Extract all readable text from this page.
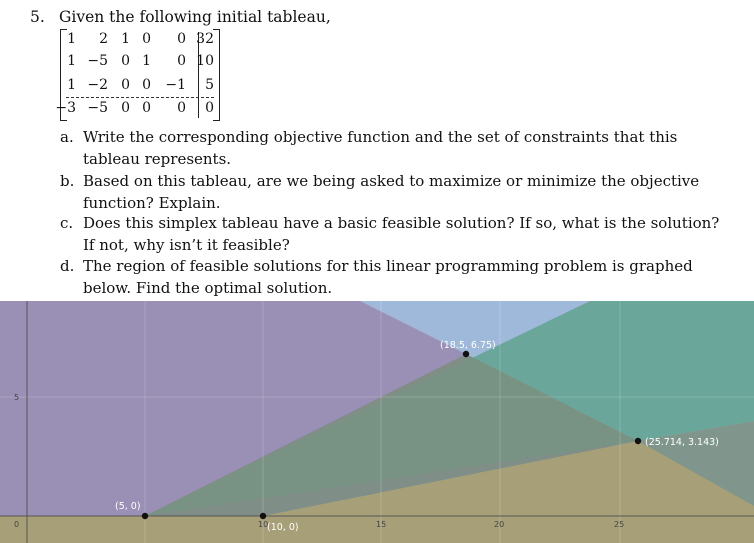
5. Given the following initial tableau,
1	2 1 0	0 32
1 −5 0 1	0 10
1 −2 0 0	−1	5
−3 −5 0 0	0	0
a. Write the corresponding objective function and the set of constraints that this tableau represents.
b. Based on this tableau, are we being asked to maximize or minimize the objective function? Explain.
c. Does this simplex tableau have a basic feasible solution? If so, what is the solution? If not, why isn’t it feasible?
d. The region of feasible solutions for this linear programming problem is graphed below. Find the optimal solution.
0	10	15	20	25
5
(5, 0)
(10, 0)
(18.5, 6.75)
(25.714, 3.143)
